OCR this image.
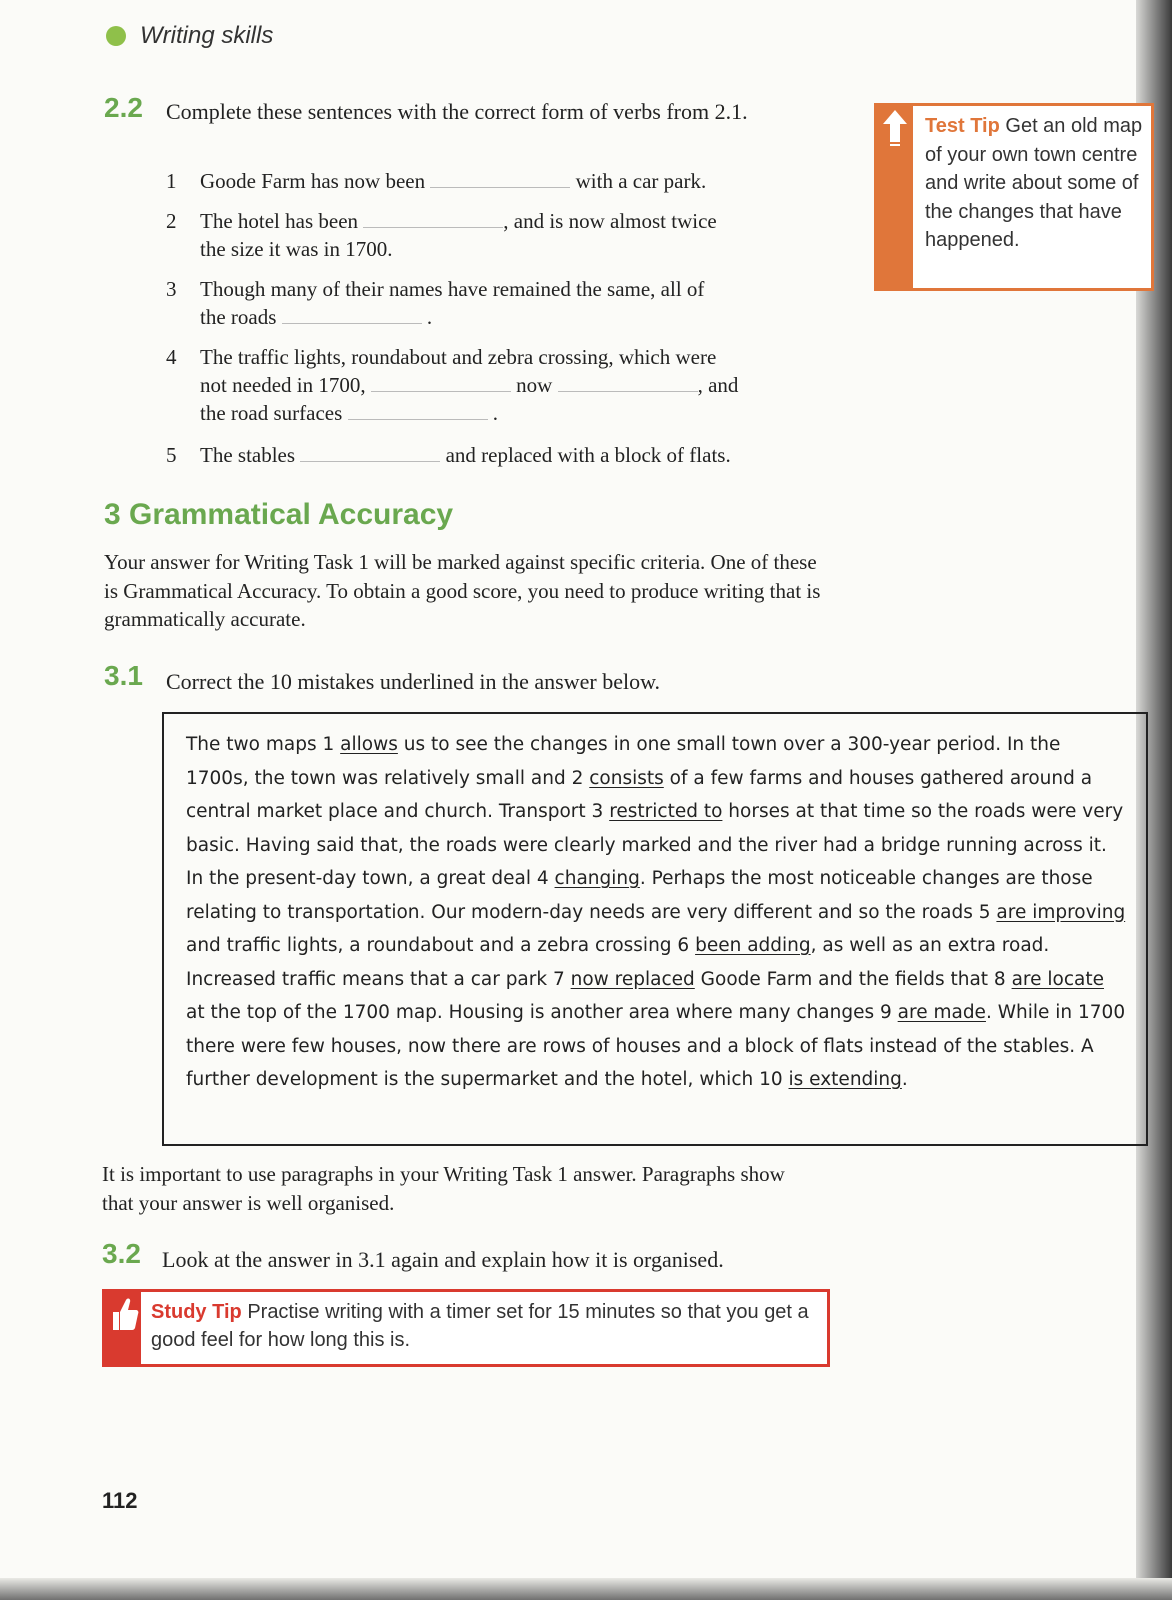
Writing skills
2.2 Complete these sentences with the correct form of verbs from 2.1.
1 Goode Farm has now been	with a car park.
2 The hotel has been	, and is now almost twice
the size it was in 1700.
3 Though many of their names have remained the same, all of
the roads	.
4 The traffic lights, roundabout and zebra crossing, which were
not needed in 1700,	now	, and
the road surfaces	.
5 The stables	and replaced with a block of flats.
Test Tip Get an old map of your own town centre and write about some of the changes that have happened.
3 Grammatical Accuracy
Your answer for Writing Task 1 will be marked against specific criteria. One of these is Grammatical Accuracy. To obtain a good score, you need to produce writing that is grammatically accurate.
3.1 Correct the 10 mistakes underlined in the answer below.

The two maps 1 allows us to see the changes in one small town over a 300-year period. In the 1700s, the town was relatively small and 2 consists of a few farms and houses gathered around a central market place and church. Transport 3 restricted to horses at that time so the roads were very basic. Having said that, the roads were clearly marked and the river had a bridge running across it.

In the present-day town, a great deal 4 changing. Perhaps the most noticeable changes are those relating to transportation. Our modern-day needs are very different and so the roads 5 are improving and traffic lights, a roundabout and a zebra crossing 6 been adding, as well as an extra road. Increased traffic means that a car park 7 now replaced Goode Farm and the fields that 8 are locate at the top of the 1700 map. Housing is another area where many changes 9 are made. While in 1700 there were few houses, now there are rows of houses and a block of flats instead of the stables. A further development is the supermarket and the hotel, which 10 is extending.

It is important to use paragraphs in your Writing Task 1 answer. Paragraphs show that your answer is well organised.
3.2 Look at the answer in 3.1 again and explain how it is organised.
Study Tip Practise writing with a timer set for 15 minutes so that you get a good feel for how long this is.
112
